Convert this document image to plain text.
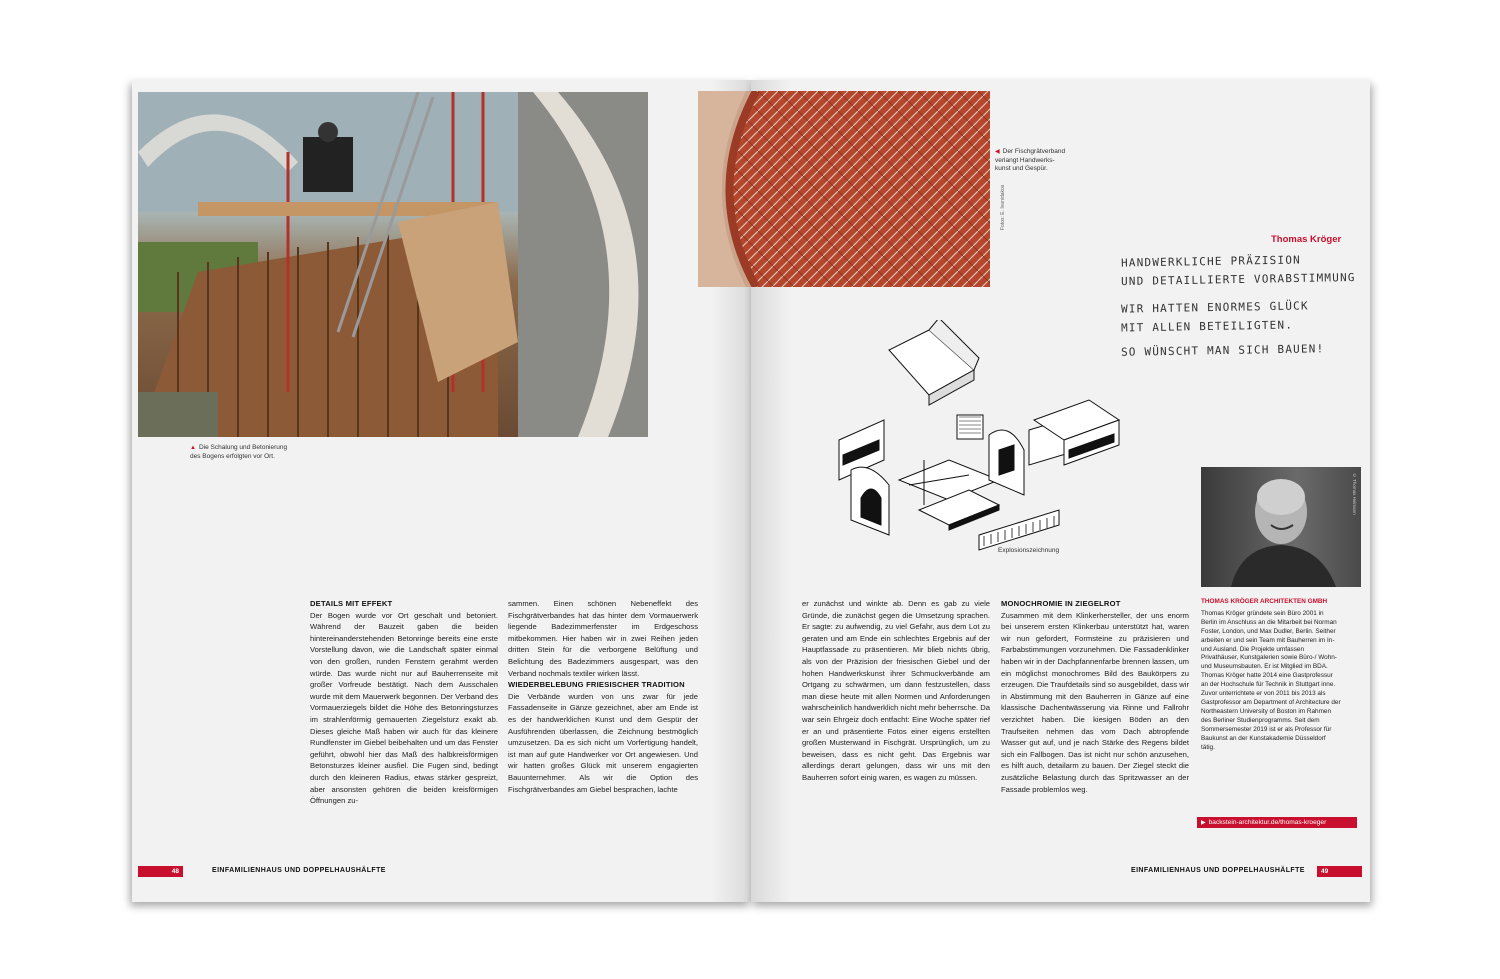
▲ Die Schalung und Betonierung
des Bogens erfolgten vor Ort.
DETAILS MIT EFFEKT

Der Bogen wurde vor Ort geschalt und betoniert. Während der Bauzeit gaben die beiden hintereinanderstehenden Betonringe bereits eine erste Vorstellung davon, wie die Landschaft später einmal von den großen, runden Fenstern gerahmt werden würde. Das wurde nicht nur auf Bauherrenseite mit großer Vorfreude bestätigt. Nach dem Ausschalen wurde mit dem Mauerwerk begonnen. Der Verband des Vormauerziegels bildet die Höhe des Betonringsturzes im strahlenförmig gemauerten Ziegelsturz exakt ab. Dieses gleiche Maß haben wir auch für das kleinere Rundfenster im Giebel beibehalten und um das Fenster geführt, obwohl hier das Maß des halbkreisförmigen Betonsturzes kleiner ausfiel. Die Fugen sind, bedingt durch den kleineren Radius, etwas stärker gespreizt, aber ansonsten gehören die beiden kreisförmigen Öffnungen zu-

sammen. Einen schönen Nebeneffekt des Fischgrätverbandes hat das hinter dem Vormauerwerk liegende Badezimmerfenster im Erdgeschoss mitbekommen. Hier haben wir in zwei Reihen jeden dritten Stein für die verborgene Belüftung und Belichtung des Badezimmers ausgespart, was den Verband nochmals textiler wirken lässt.

WIEDERBELEBUNG FRIESISCHER TRADITION

Die Verbände wurden von uns zwar für jede Fassadenseite in Gänze gezeichnet, aber am Ende ist es der handwerklichen Kunst und dem Gespür der Ausführenden überlassen, die Zeichnung bestmöglich umzusetzen. Da es sich nicht um Vorfertigung handelt, ist man auf gute Handwerker vor Ort angewiesen. Und wir hatten großes Glück mit unserem engagierten Bauunternehmer. Als wir die Option des Fischgrätverbandes am Giebel besprachen, lachte

48	EINFAMILIENHAUS UND DOPPELHAUSHÄLFTE
Fotos: E. Ivanidakos
◀ Der Fischgrätverband
verlangt Handwerks-
kunst und Gespür.
Thomas Kröger
HANDWERKLICHE PRÄZISION
UND DETAILLIERTE VORABSTIMMUNG
WIR HATTEN ENORMES GLÜCK
MIT ALLEN BETEILIGTEN.
SO WÜNSCHT MAN SICH BAUEN!
Explosionszeichnung
© Thomas Heimann
THOMAS KRÖGER ARCHITEKTEN GMBH
Thomas Kröger gründete sein Büro 2001 in Berlin im Anschluss an die Mitarbeit bei Norman Foster, London, und Max Dudler, Berlin. Seither arbeiten er und sein Team mit Bauherren im In- und Ausland. Die Projekte umfassen Privathäuser, Kunstgalerien sowie Büro-/ Wohn- und Museumsbauten. Er ist Mitglied im BDA. Thomas Kröger hatte 2014 eine Gastprofessur an der Hochschule für Technik in Stuttgart inne. Zuvor unterrichtete er von 2011 bis 2013 als Gastprofessor am Department of Architecture der Northeastern University of Boston im Rahmen des Berliner Studienprogramms. Seit dem Sommersemester 2019 ist er als Professor für Baukunst an der Kunstakademie Düsseldorf tätig.
▶ backstein-architektur.de/thomas-kroeger

er zunächst und winkte ab. Denn es gab zu viele Gründe, die zunächst gegen die Umsetzung sprachen. Er sagte: zu aufwendig, zu viel Gefahr, aus dem Lot zu geraten und am Ende ein schlechtes Ergebnis auf der Hauptfassade zu präsentieren. Mir blieb nichts übrig, als von der Präzision der friesischen Giebel und der hohen Handwerkskunst ihrer Schmuckverbände am Ortgang zu schwärmen, um dann festzustellen, dass man diese heute mit allen Normen und Anforderungen wahrscheinlich handwerklich nicht mehr beherrsche. Da war sein Ehrgeiz doch entfacht: Eine Woche später rief er an und präsentierte Fotos einer eigens erstellten großen Musterwand in Fischgrät. Ursprünglich, um zu beweisen, dass es nicht geht. Das Ergebnis war allerdings derart gelungen, dass wir uns mit den Bauherren sofort einig waren, es wagen zu müssen.

MONOCHROMIE IN ZIEGELROT

Zusammen mit dem Klinkerhersteller, der uns enorm bei unserem ersten Klinkerbau unterstützt hat, waren wir nun gefordert, Formsteine zu präzisieren und Farbabstimmungen vorzunehmen. Die Fassadenklinker haben wir in der Dachpfannenfarbe brennen lassen, um ein möglichst monochromes Bild des Baukörpers zu erzeugen. Die Traufdetails sind so ausgebildet, dass wir in Abstimmung mit den Bauherren in Gänze auf eine klassische Dachentwässerung via Rinne und Fallrohr verzichtet haben. Die kiesigen Böden an den Traufseiten nehmen das vom Dach abtropfende Wasser gut auf, und je nach Stärke des Regens bildet sich ein Fallbogen. Das ist nicht nur schön anzusehen, es hilft auch, detailarm zu bauen. Der Ziegel steckt die zusätzliche Belastung durch das Spritzwasser an der Fassade problemlos weg.

EINFAMILIENHAUS UND DOPPELHAUSHÄLFTE	49
